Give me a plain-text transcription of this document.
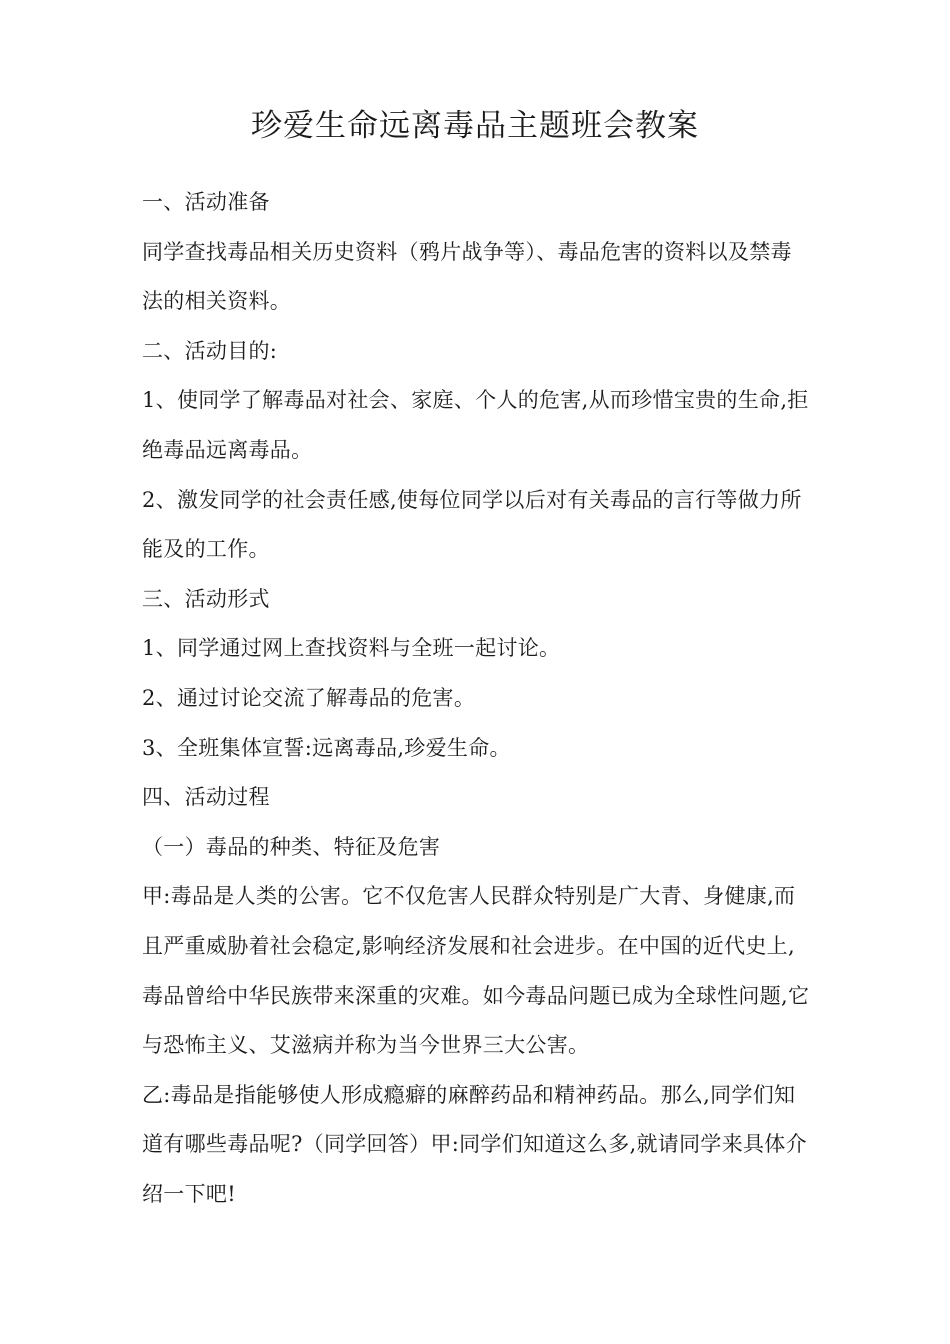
珍爱生命远离毒品主题班会教案

一、活动准备

同学查找毒品相关历史资料（鸦片战争等）、毒品危害的资料以及禁毒法的相关资料。

二、活动目的:

1、使同学了解毒品对社会、家庭、个人的危害,从而珍惜宝贵的生命,拒绝毒品远离毒品。

2、激发同学的社会责任感,使每位同学以后对有关毒品的言行等做力所能及的工作。

三、活动形式

1、同学通过网上查找资料与全班一起讨论。

2、通过讨论交流了解毒品的危害。

3、全班集体宣誓:远离毒品,珍爱生命。

四、活动过程

（一）毒品的种类、特征及危害

甲:毒品是人类的公害。它不仅危害人民群众特别是广大青、身健康,而且严重威胁着社会稳定,影响经济发展和社会进步。在中国的近代史上,毒品曾给中华民族带来深重的灾难。如今毒品问题已成为全球性问题,它与恐怖主义、艾滋病并称为当今世界三大公害。

乙:毒品是指能够使人形成瘾癖的麻醉药品和精神药品。那么,同学们知道有哪些毒品呢?（同学回答）甲:同学们知道这么多,就请同学来具体介绍一下吧!
